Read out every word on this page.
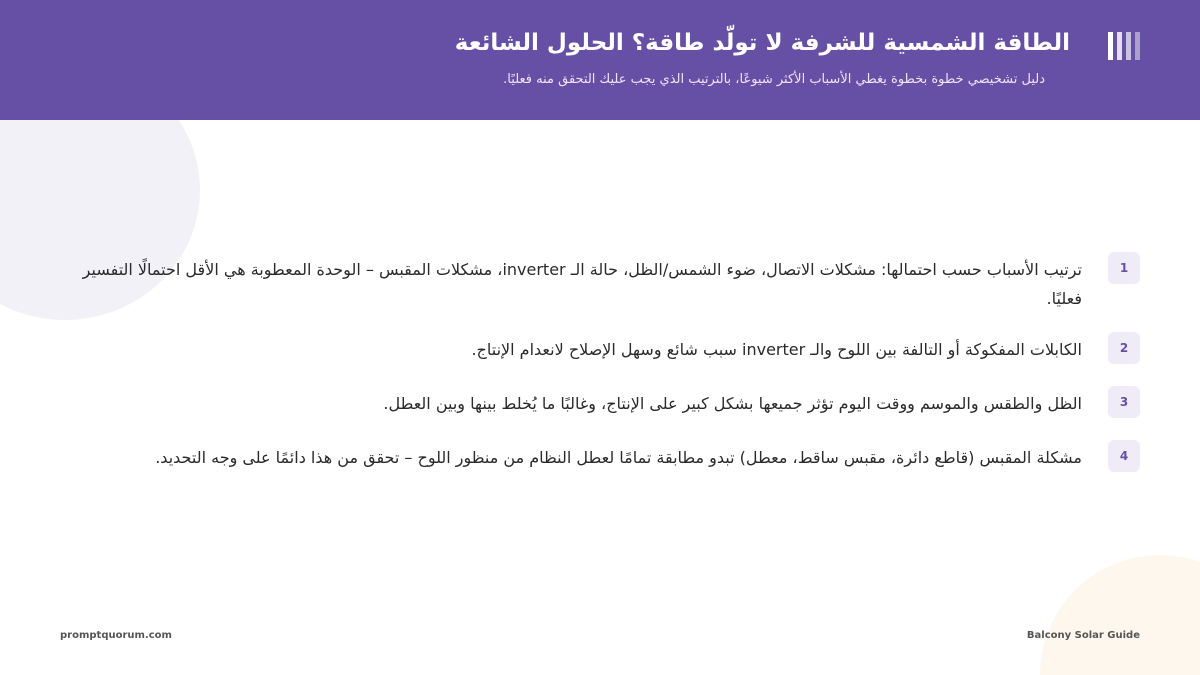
الطاقة الشمسية للشرفة لا تولّد طاقة؟ الحلول الشائعة

دليل تشخيصي خطوة بخطوة يغطي الأسباب الأكثر شيوعًا، بالترتيب الذي يجب عليك التحقق منه فعليًا.

1

ترتيب الأسباب حسب احتمالها: مشكلات الاتصال، ضوء الشمس/الظل، حالة الـ inverter، مشكلات المقبس – الوحدة المعطوبة هي الأقل احتمالًا التفسير فعليًا.

2

الكابلات المفكوكة أو التالفة بين اللوح والـ inverter سبب شائع وسهل الإصلاح لانعدام الإنتاج.

3

الظل والطقس والموسم ووقت اليوم تؤثر جميعها بشكل كبير على الإنتاج، وغالبًا ما يُخلط بينها وبين العطل.

4

مشكلة المقبس (قاطع دائرة، مقبس ساقط، معطل) تبدو مطابقة تمامًا لعطل النظام من منظور اللوح – تحقق من هذا دائمًا على وجه التحديد.

promptquorum.com	Balcony Solar Guide
